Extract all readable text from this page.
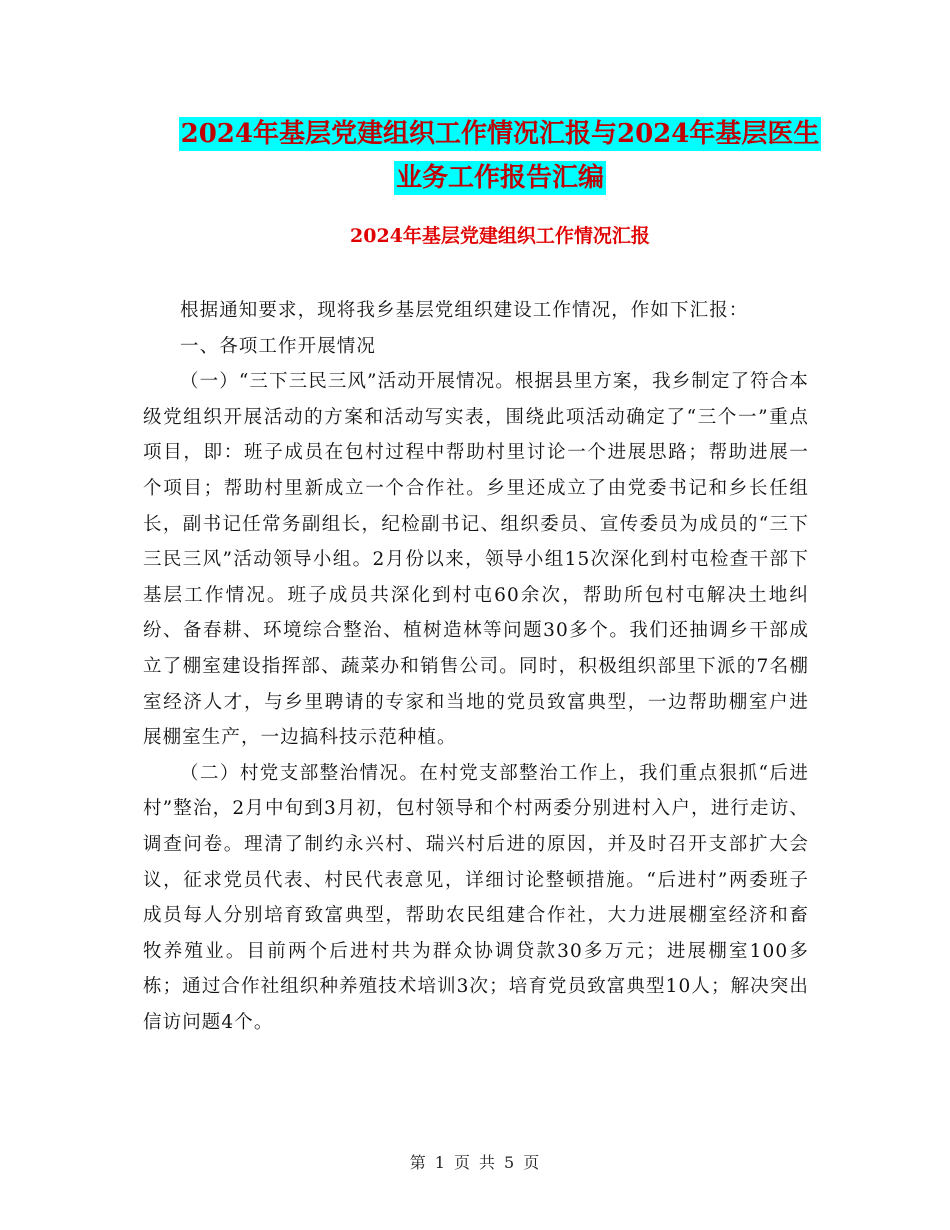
2024年基层党建组织工作情况汇报与2024年基层医生
业务工作报告汇编
2024年基层党建组织工作情况汇报

根据通知要求，现将我乡基层党组织建设工作情况，作如下汇报：

一、各项工作开展情况

（一）“三下三民三风”活动开展情况。根据县里方案，我乡制定了符合本级党组织开展活动的方案和活动写实表，围绕此项活动确定了“三个一”重点项目，即：班子成员在包村过程中帮助村里讨论一个进展思路；帮助进展一个项目；帮助村里新成立一个合作社。乡里还成立了由党委书记和乡长任组长，副书记任常务副组长，纪检副书记、组织委员、宣传委员为成员的“三下三民三风”活动领导小组。2月份以来，领导小组15次深化到村屯检查干部下基层工作情况。班子成员共深化到村屯60余次，帮助所包村屯解决土地纠纷、备春耕、环境综合整治、植树造林等问题30多个。我们还抽调乡干部成立了棚室建设指挥部、蔬菜办和销售公司。同时，积极组织部里下派的7名棚室经济人才，与乡里聘请的专家和当地的党员致富典型，一边帮助棚室户进展棚室生产，一边搞科技示范种植。

（二）村党支部整治情况。在村党支部整治工作上，我们重点狠抓“后进村”整治，2月中旬到3月初，包村领导和个村两委分别进村入户，进行走访、调查问卷。理清了制约永兴村、瑞兴村后进的原因，并及时召开支部扩大会议，征求党员代表、村民代表意见，详细讨论整顿措施。“后进村”两委班子成员每人分别培育致富典型，帮助农民组建合作社，大力进展棚室经济和畜牧养殖业。目前两个后进村共为群众协调贷款30多万元；进展棚室100多栋；通过合作社组织种养殖技术培训3次；培育党员致富典型10人；解决突出信访问题4个。

第 1 页 共 5 页
